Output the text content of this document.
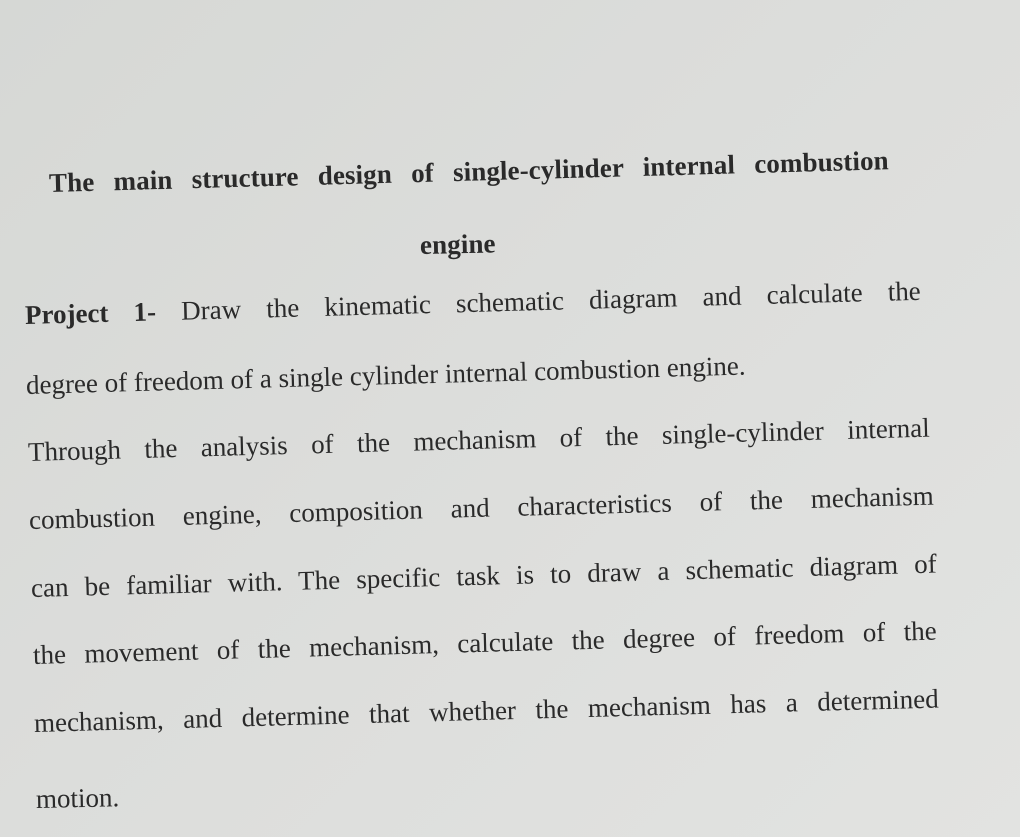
The main structure design of single-cylinder internal combustion
engine
Project 1- Draw the kinematic schematic diagram and calculate the
degree of freedom of a single cylinder internal combustion engine.
Through the analysis of the mechanism of the single-cylinder internal
combustion engine, composition and characteristics of the mechanism
can be familiar with. The specific task is to draw a schematic diagram of
the movement of the mechanism, calculate the degree of freedom of the
mechanism, and determine that whether the mechanism has a determined
motion.
